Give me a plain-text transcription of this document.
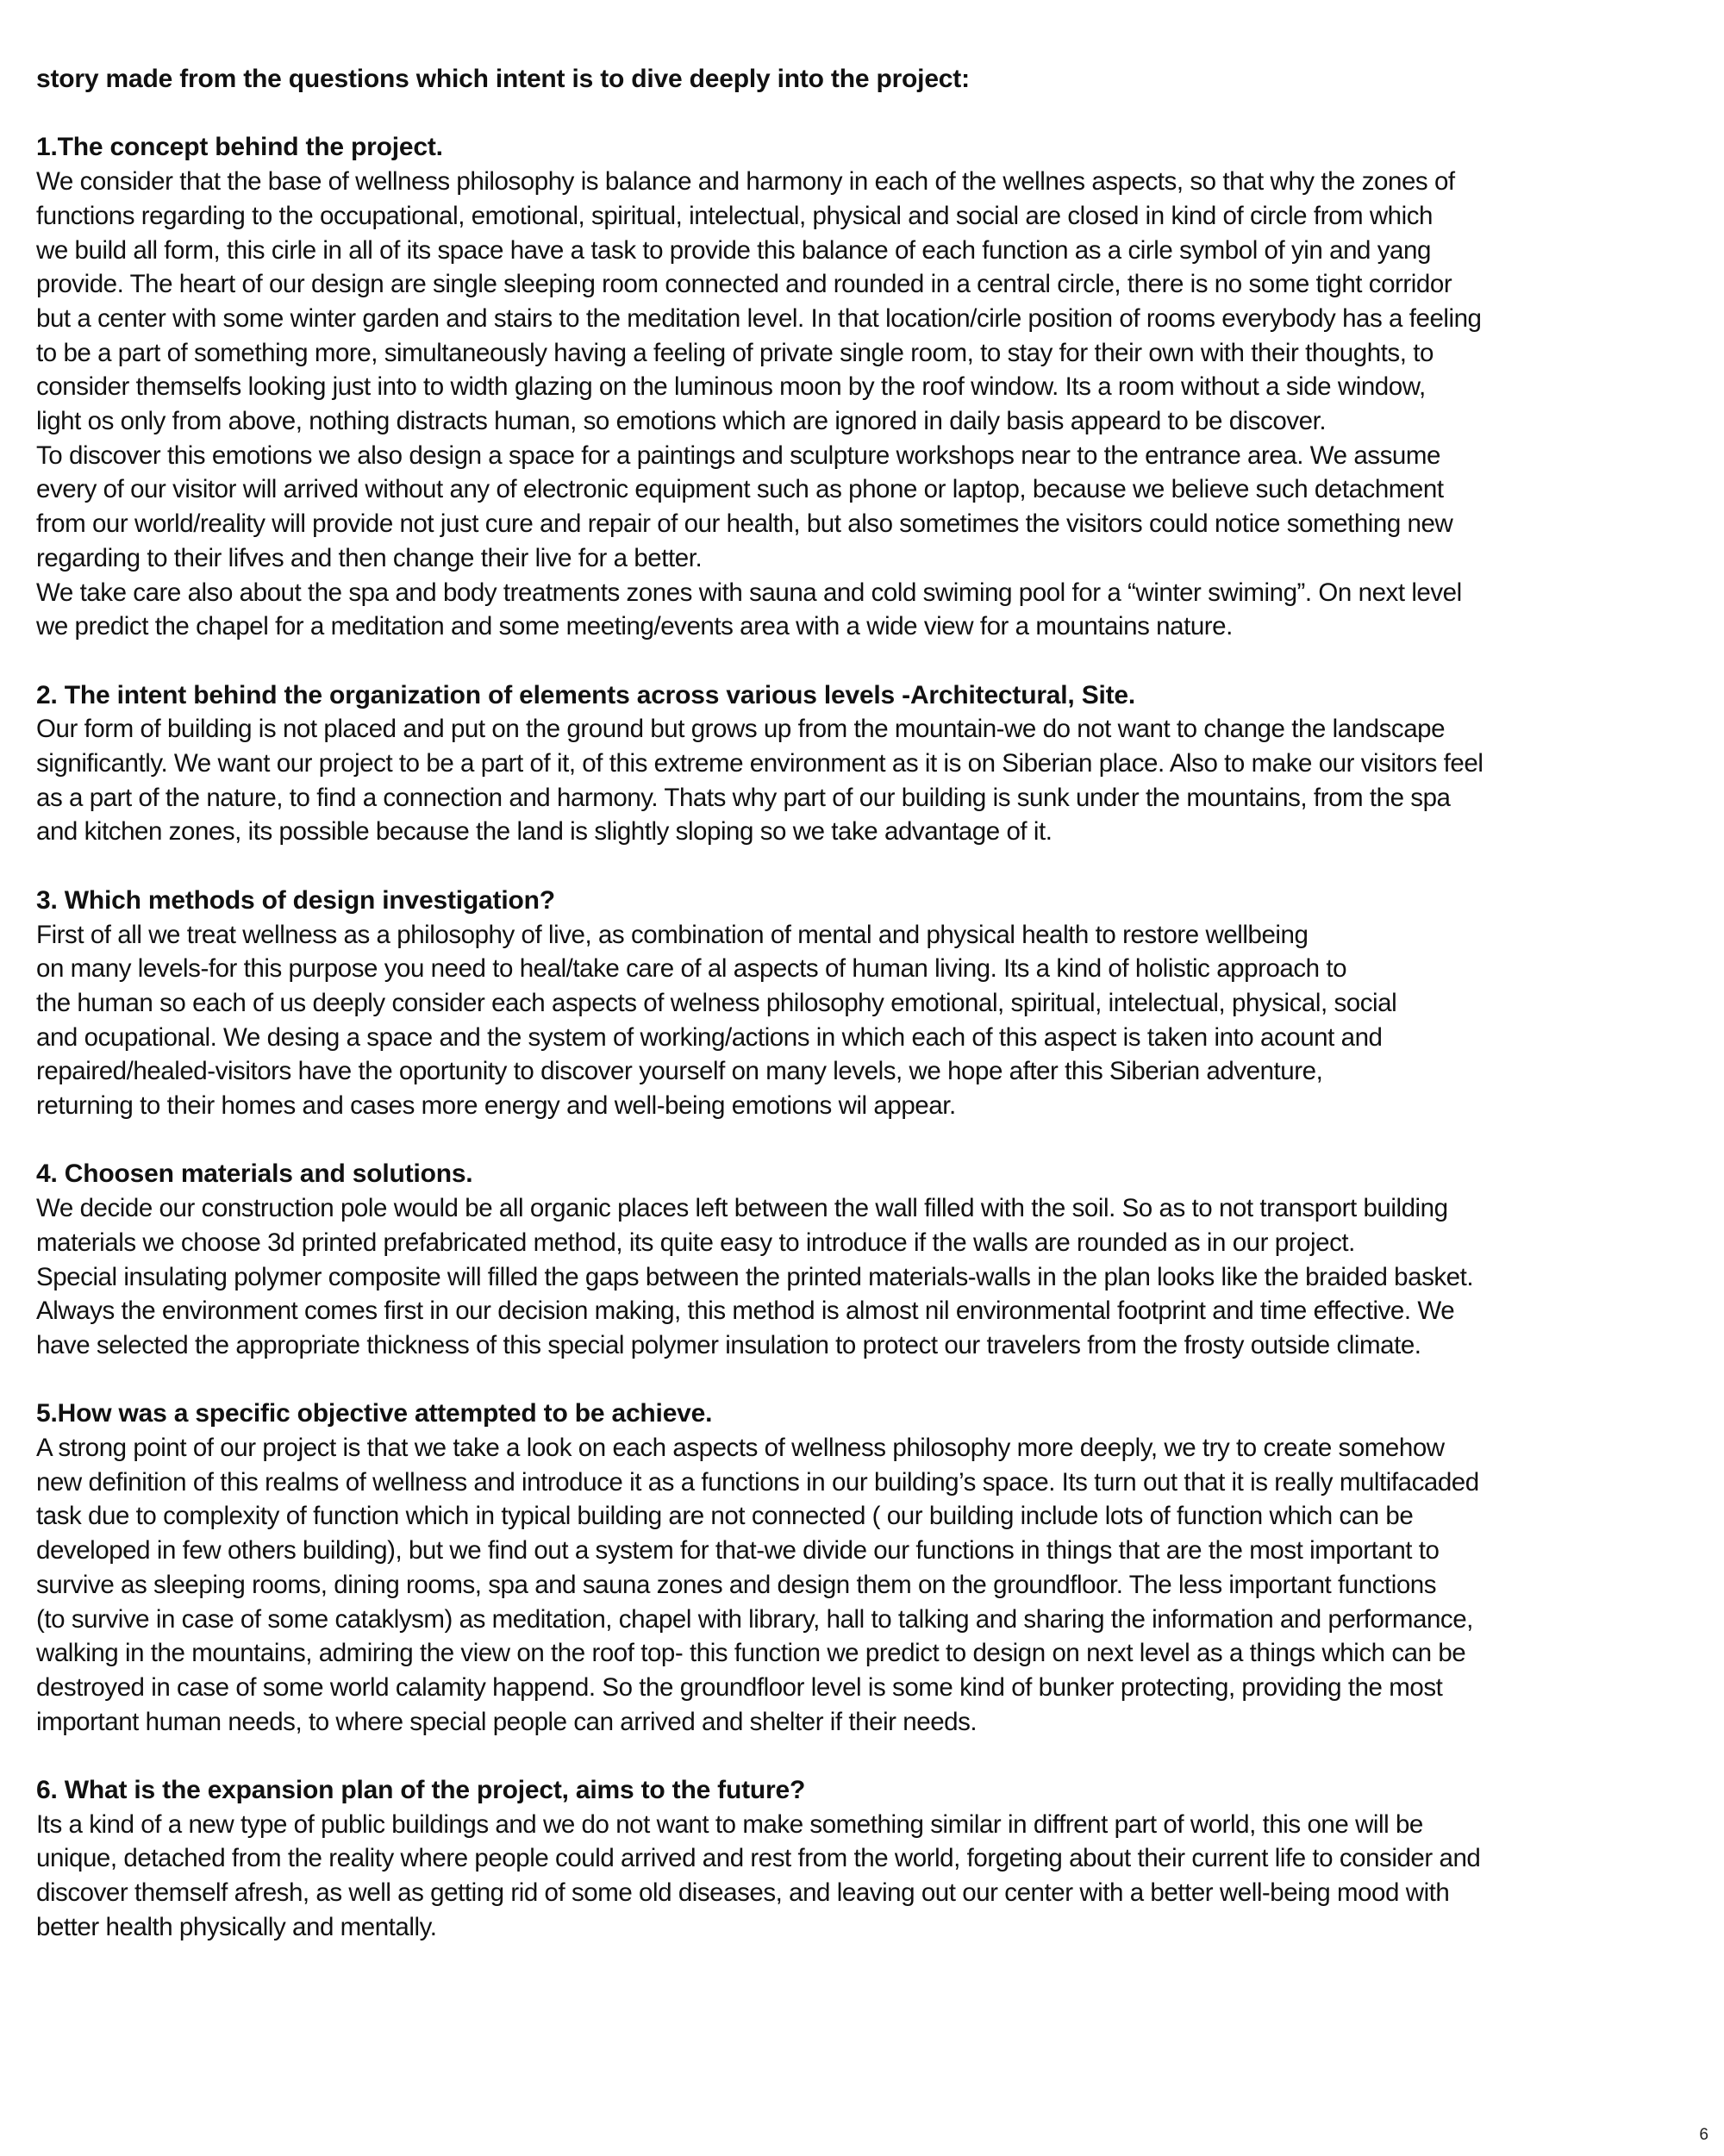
story made from the questions which intent is to dive deeply into the project:

1.The concept behind the project.

We consider that the base of wellness philosophy is balance and harmony in each of the wellnes aspects, so that why the zones of

functions regarding to the occupational, emotional, spiritual, intelectual, physical and social are closed in kind of circle from which

we build all form, this cirle in all of its space have a task to provide this balance of each function as a cirle symbol of yin and yang

provide. The heart of our design are single sleeping room connected and rounded in a central circle, there is no some tight corridor

but a center with some winter garden and stairs to the meditation level. In that location/cirle position of rooms everybody has a feeling

to be a part of something more, simultaneously having a feeling of private single room, to stay for their own with their thoughts, to

consider themselfs looking just into to width glazing on the luminous moon by the roof window. Its a room without a side window,

light os only from above, nothing distracts human, so emotions which are ignored in daily basis appeard to be discover.

To discover this emotions we also design a space for a paintings and sculpture workshops near to the entrance area. We assume

every of our visitor will arrived without any of electronic equipment such as phone or laptop, because we believe such detachment

from our world/reality will provide not just cure and repair of our health, but also sometimes the visitors could notice something new

regarding to their lifves and then change their live for a better.

We take care also about the spa and body treatments zones with sauna and cold swiming pool for a “winter swiming”. On next level

we predict the chapel for a meditation and some meeting/events area with a wide view for a mountains nature.

2. The intent behind the organization of elements across various levels -Architectural, Site.

Our form of building is not placed and put on the ground but grows up from the mountain-we do not want to change the landscape

significantly. We want our project to be a part of it, of this extreme environment as it is on Siberian place. Also to make our visitors feel

as a part of the nature, to find a connection and harmony. Thats why part of our building is sunk under the mountains, from the spa

and kitchen zones, its possible because the land is slightly sloping so we take advantage of it.

3. Which methods of design investigation?

First of all we treat wellness as a philosophy of live, as combination of mental and physical health to restore wellbeing

on many levels-for this purpose you need to heal/take care of al aspects of human living. Its a kind of holistic approach to

the human so each of us deeply consider each aspects of welness philosophy emotional, spiritual, intelectual, physical, social

and ocupational. We desing a space and the system of working/actions in which each of this aspect is taken into acount and

repaired/healed-visitors have the oportunity to discover yourself on many levels, we hope after this Siberian adventure,

returning to their homes and cases more energy and well-being emotions wil appear.

4. Choosen materials and solutions.

We decide our construction pole would be all organic places left between the wall filled with the soil. So as to not transport building

materials we choose 3d printed prefabricated method, its quite easy to introduce if the walls are rounded as in our project.

Special insulating polymer composite will filled the gaps between the printed materials-walls in the plan looks like the braided basket.

Always the environment comes first in our decision making, this method is almost nil environmental footprint and time effective. We

have selected the appropriate thickness of this special polymer insulation to protect our travelers from the frosty outside climate.

5.How was a specific objective attempted to be achieve.

A strong point of our project is that we take a look on each aspects of wellness philosophy more deeply, we try to create somehow

new definition of this realms of wellness and introduce it as a functions in our building’s space. Its turn out that it is really multifacaded

task due to complexity of function which in typical building are not connected ( our building include lots of function which can be

developed in few others building), but we find out a system for that-we divide our functions in things that are the most important to

survive as sleeping rooms, dining rooms, spa and sauna zones and design them on the groundfloor. The less important functions

(to survive in case of some cataklysm) as meditation, chapel with library, hall to talking and sharing the information and performance,

walking in the mountains, admiring the view on the roof top- this function we predict to design on next level as a things which can be

destroyed in case of some world calamity happend. So the groundfloor level is some kind of bunker protecting, providing the most

important human needs, to where special people can arrived and shelter if their needs.

6. What is the expansion plan of the project, aims to the future?

Its a kind of a new type of public buildings and we do not want to make something similar in diffrent part of world, this one will be

unique, detached from the reality where people could arrived and rest from the world, forgeting about their current life to consider and

discover themself afresh, as well as getting rid of some old diseases, and leaving out our center with a better well-being mood with

better health physically and mentally.

6
